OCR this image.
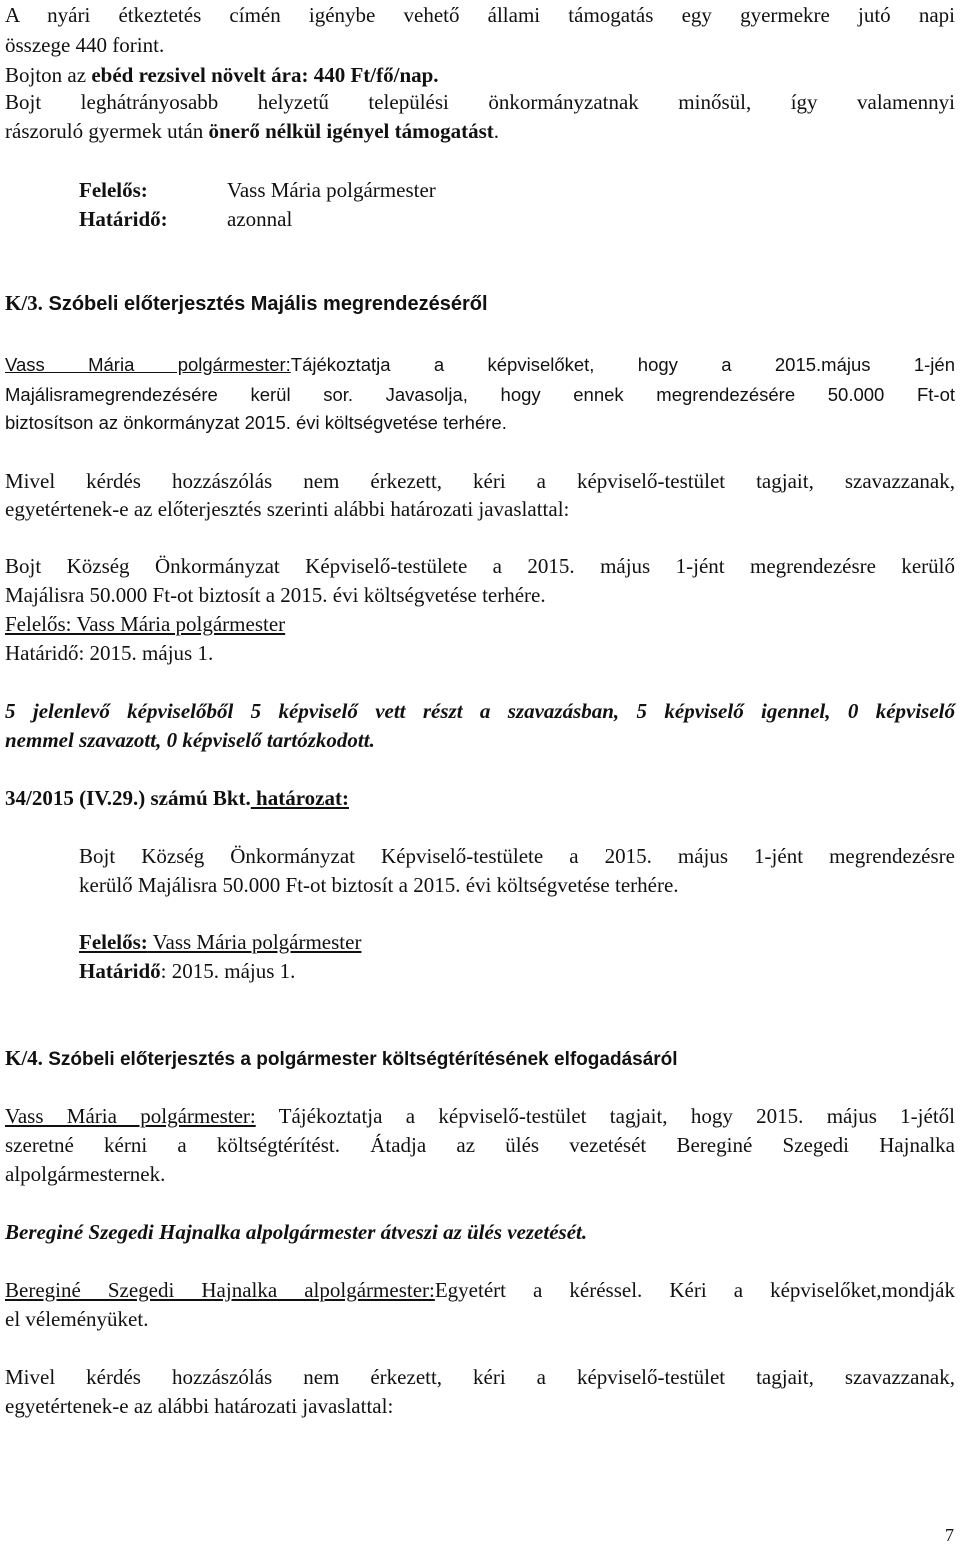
A nyári étkeztetés címén igénybe vehető állami támogatás egy gyermekre jutó napi
összege 440 forint.
Bojton az ebéd rezsivel növelt ára: 440 Ft/fő/nap.
Bojt leghátrányosabb helyzetű települési önkormányzatnak minősül, így valamennyi
rászoruló gyermek után önerő nélkül igényel támogatást.
Felelős:	Vass Mária polgármester
Határidő:	azonnal
K/3. Szóbeli előterjesztés Majális megrendezéséről
Vass Mária polgármester:Tájékoztatja a képviselőket, hogy a 2015.május 1-jén
Majálisramegrendezésére kerül sor. Javasolja, hogy ennek megrendezésére 50.000 Ft-ot
biztosítson az önkormányzat 2015. évi költségvetése terhére.
Mivel kérdés hozzászólás nem érkezett, kéri a képviselő-testület tagjait, szavazzanak,
egyetértenek-e az előterjesztés szerinti alábbi határozati javaslattal:
Bojt Község Önkormányzat Képviselő-testülete a 2015. május 1-jént megrendezésre kerülő
Majálisra 50.000 Ft-ot biztosít a 2015. évi költségvetése terhére.
Felelős: Vass Mária polgármester
Határidő: 2015. május 1.
5 jelenlevő képviselőből 5 képviselő vett részt a szavazásban, 5 képviselő igennel, 0 képviselő
nemmel szavazott, 0 képviselő tartózkodott.
34/2015 (IV.29.) számú Bkt. határozat:
Bojt Község Önkormányzat Képviselő-testülete a 2015. május 1-jént megrendezésre
kerülő Majálisra 50.000 Ft-ot biztosít a 2015. évi költségvetése terhére.
Felelős: Vass Mária polgármester
Határidő: 2015. május 1.
K/4. Szóbeli előterjesztés a polgármester költségtérítésének elfogadásáról
Vass Mária polgármester: Tájékoztatja a képviselő-testület tagjait, hogy 2015. május 1-jétől
szeretné kérni a költségtérítést. Átadja az ülés vezetését Bereginé Szegedi Hajnalka
alpolgármesternek.
Bereginé Szegedi Hajnalka alpolgármester átveszi az ülés vezetését.
Bereginé Szegedi Hajnalka alpolgármester:Egyetért a kéréssel. Kéri a képviselőket,mondják
el véleményüket.
Mivel kérdés hozzászólás nem érkezett, kéri a képviselő-testület tagjait, szavazzanak,
egyetértenek-e az alábbi határozati javaslattal:
7
